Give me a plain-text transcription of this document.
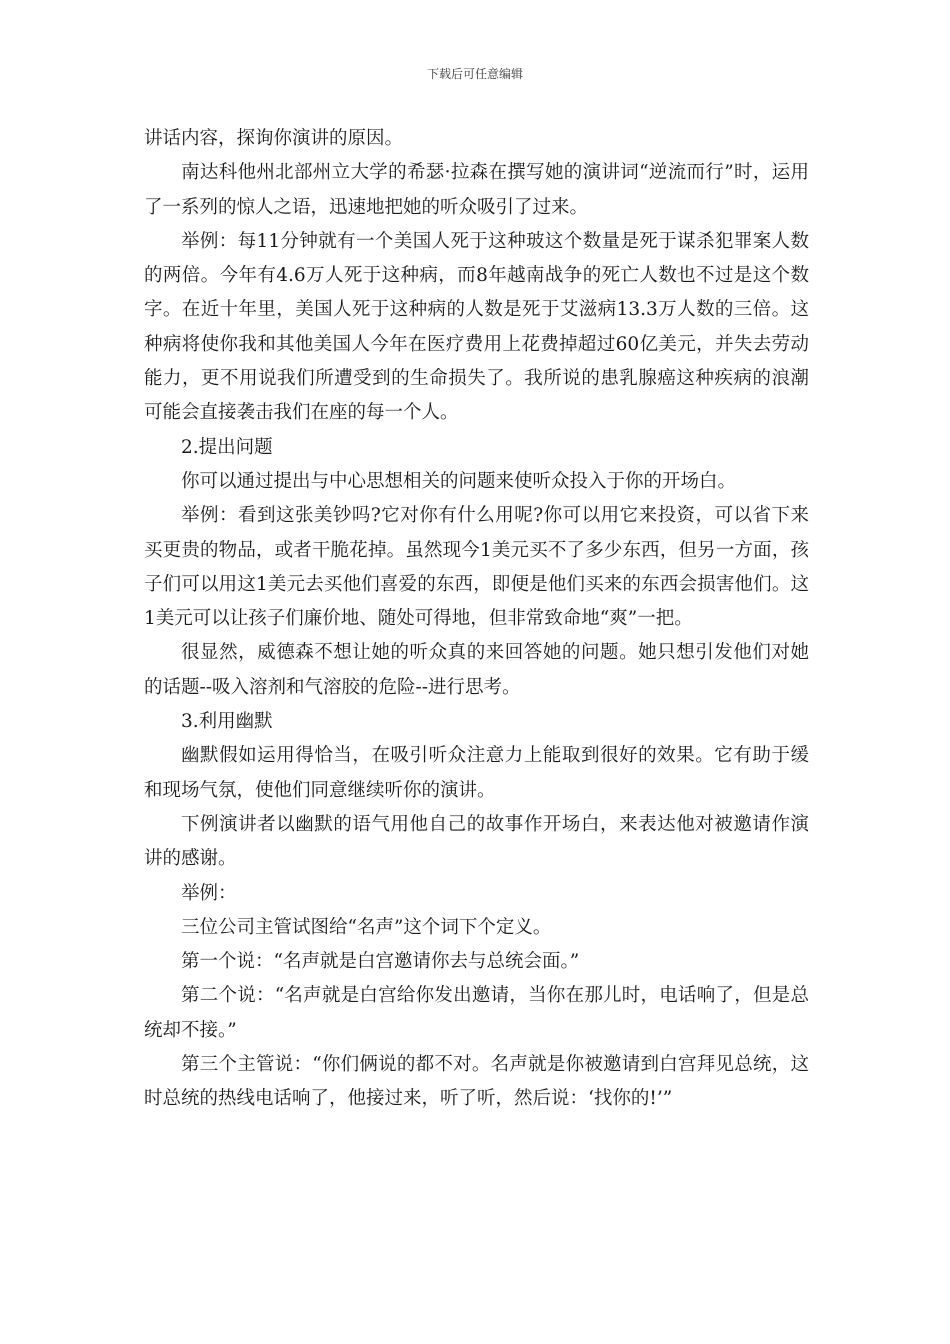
下载后可任意编辑

讲话内容，探询你演讲的原因。

南达科他州北部州立大学的希瑟·拉森在撰写她的演讲词“逆流而行”时，运用了一系列的惊人之语，迅速地把她的听众吸引了过来。

举例：每11分钟就有一个美国人死于这种玻这个数量是死于谋杀犯罪案人数的两倍。今年有4.6万人死于这种病，而8年越南战争的死亡人数也不过是这个数字。在近十年里，美国人死于这种病的人数是死于艾滋病13.3万人数的三倍。这种病将使你我和其他美国人今年在医疗费用上花费掉超过60亿美元，并失去劳动能力，更不用说我们所遭受到的生命损失了。我所说的患乳腺癌这种疾病的浪潮可能会直接袭击我们在座的每一个人。

2.提出问题

你可以通过提出与中心思想相关的问题来使听众投入于你的开场白。

举例：看到这张美钞吗?它对你有什么用呢?你可以用它来投资，可以省下来买更贵的物品，或者干脆花掉。虽然现今1美元买不了多少东西，但另一方面，孩子们可以用这1美元去买他们喜爱的东西，即便是他们买来的东西会损害他们。这1美元可以让孩子们廉价地、随处可得地，但非常致命地“爽”一把。

很显然，威德森不想让她的听众真的来回答她的问题。她只想引发他们对她的话题--吸入溶剂和气溶胶的危险--进行思考。

3.利用幽默

幽默假如运用得恰当，在吸引听众注意力上能取到很好的效果。它有助于缓和现场气氛，使他们同意继续听你的演讲。

下例演讲者以幽默的语气用他自己的故事作开场白，来表达他对被邀请作演讲的感谢。

举例：

三位公司主管试图给“名声”这个词下个定义。

第一个说：“名声就是白宫邀请你去与总统会面。”

第二个说：“名声就是白宫给你发出邀请，当你在那儿时，电话响了，但是总统却不接。”

第三个主管说：“你们俩说的都不对。名声就是你被邀请到白宫拜见总统，这时总统的热线电话响了，他接过来，听了听，然后说：‘找你的!’”
